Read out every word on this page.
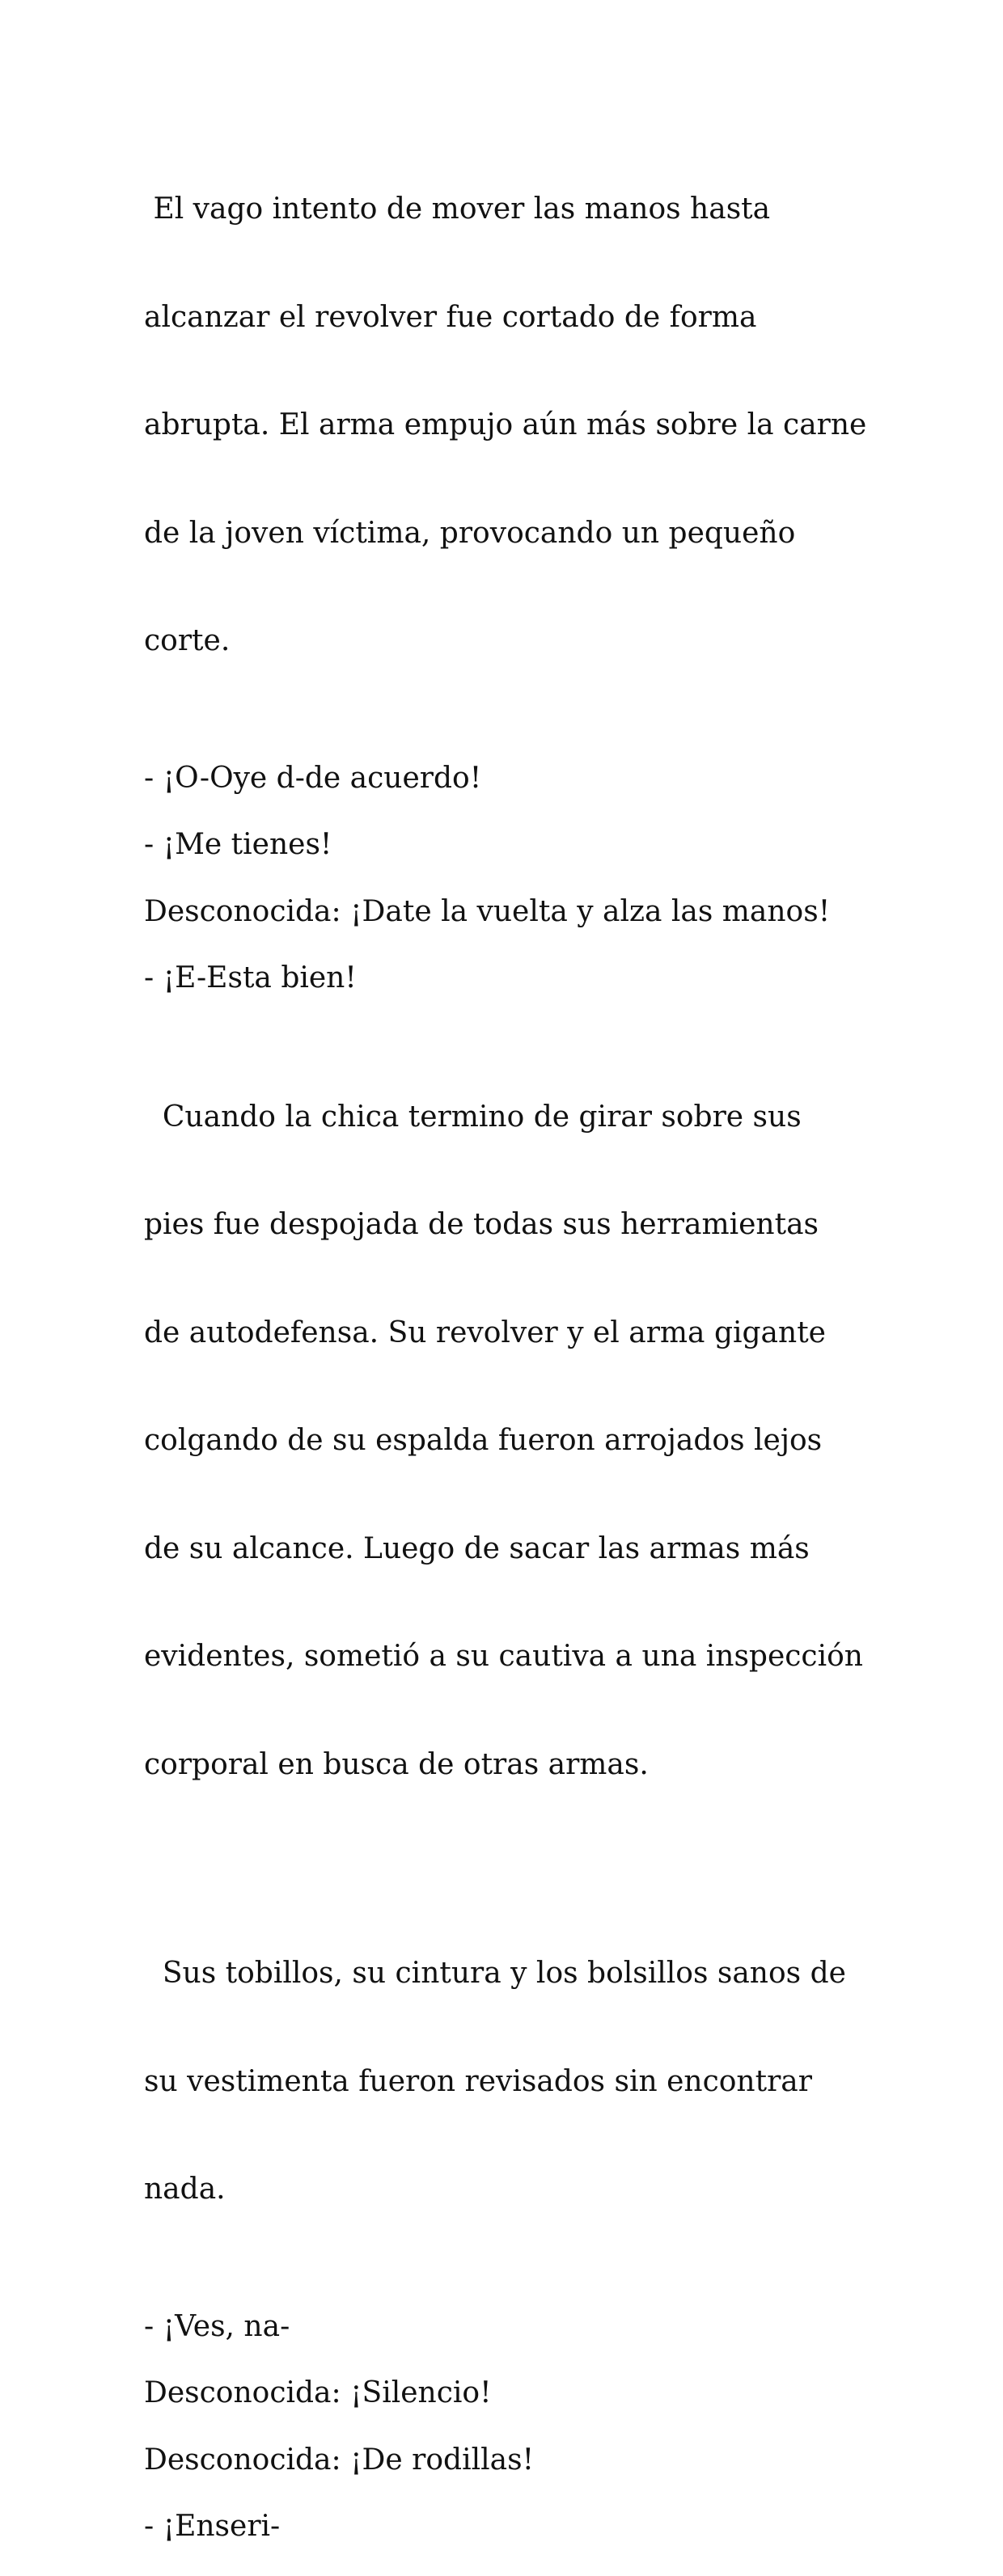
El vago intento de mover las manos hasta

alcanzar el revolver fue cortado de forma

abrupta. El arma empujo aún más sobre la carne

de la joven víctima, provocando un pequeño

corte.

- ¡O-Oye d-de acuerdo!

- ¡Me tienes!

Desconocida: ¡Date la vuelta y alza las manos!

- ¡E-Esta bien!

Cuando la chica termino de girar sobre sus

pies fue despojada de todas sus herramientas

de autodefensa. Su revolver y el arma gigante

colgando de su espalda fueron arrojados lejos

de su alcance. Luego de sacar las armas más

evidentes, sometió a su cautiva a una inspección

corporal en busca de otras armas.

Sus tobillos, su cintura y los bolsillos sanos de

su vestimenta fueron revisados sin encontrar

nada.

- ¡Ves, na-

Desconocida: ¡Silencio!

Desconocida: ¡De rodillas!

- ¡Enseri-
